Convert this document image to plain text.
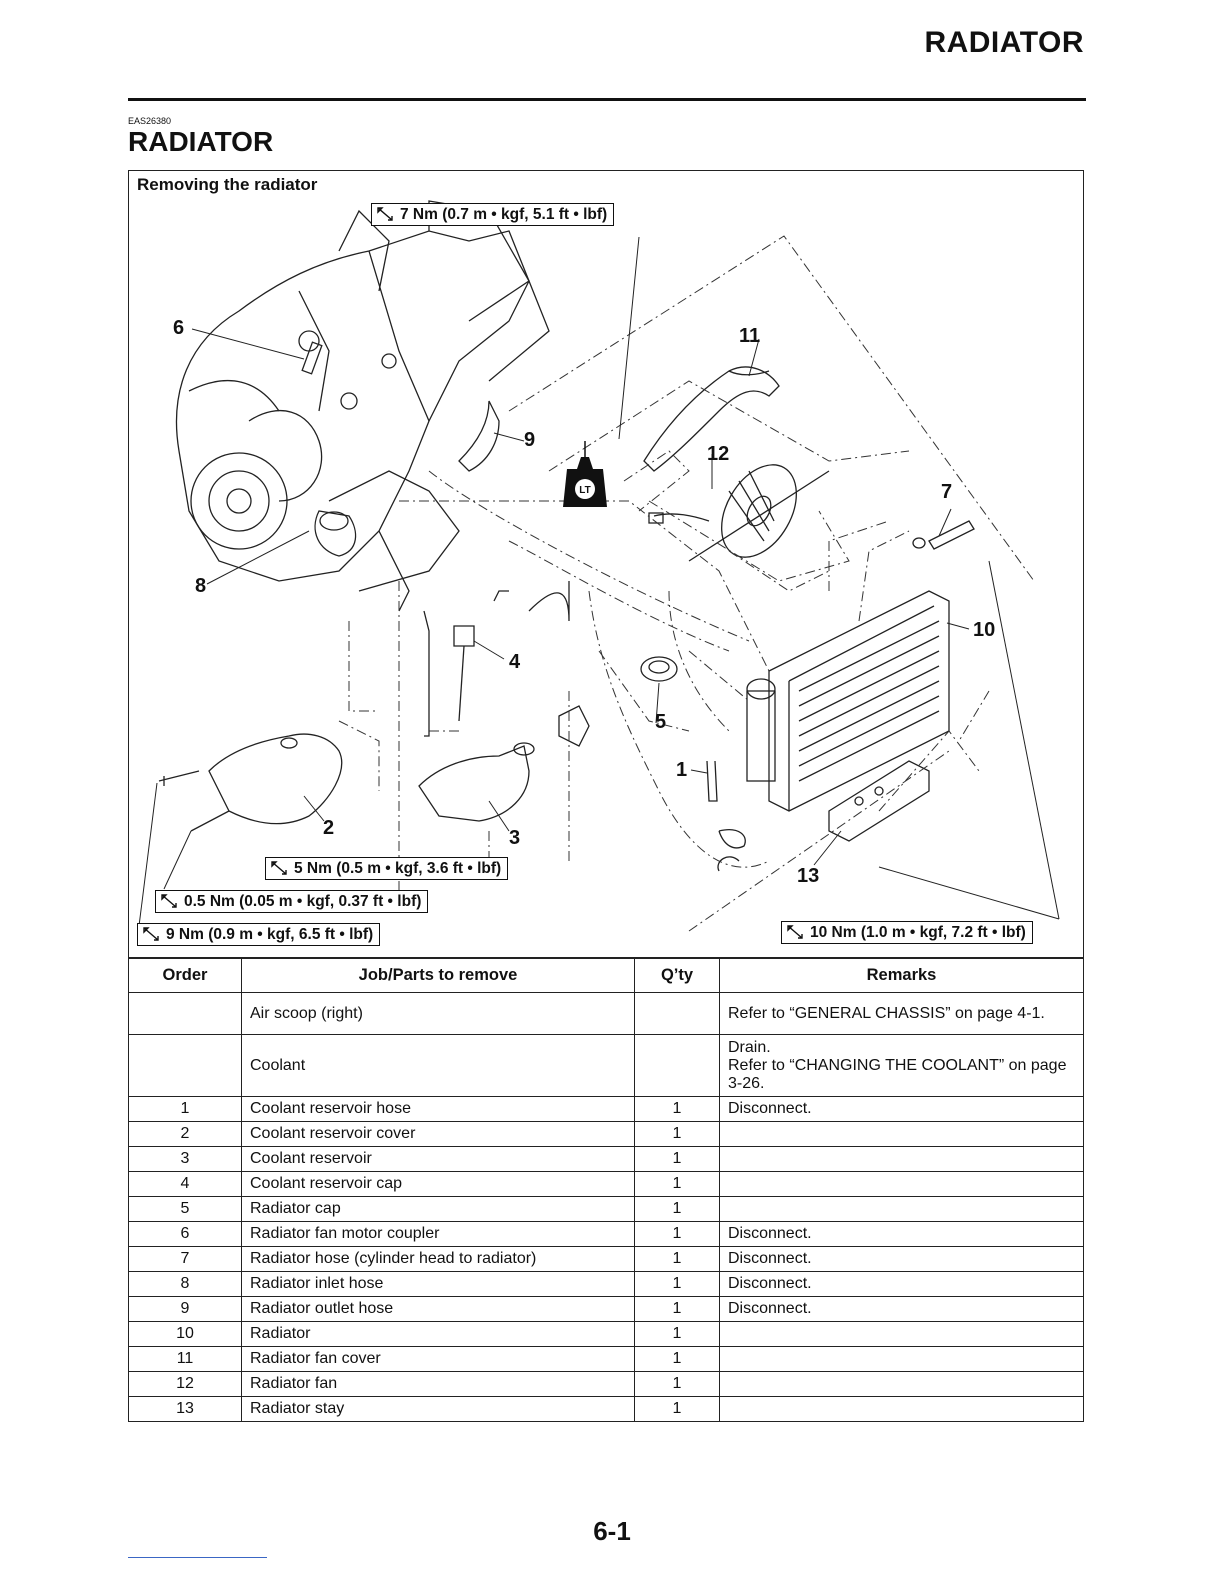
RADIATOR
EAS26380
RADIATOR
Removing the radiator
LT
6
8
9
11
12
7
10
4
5
1
2	3
13
7 Nm (0.7 m • kgf, 5.1 ft • lbf)
5 Nm (0.5 m • kgf, 3.6 ft • lbf)
0.5 Nm (0.05 m • kgf, 0.37 ft • lbf)
9 Nm (0.9 m • kgf, 6.5 ft • lbf)	10 Nm (1.0 m • kgf, 7.2 ft • lbf)
Order	Job/Parts to remove	Q’ty	Remarks
	Air scoop (right)		Refer to “GENERAL CHASSIS” on page 4-1.
	Coolant		Drain.
Refer to “CHANGING THE COOLANT” on page 3-26.

1	Coolant reservoir hose	1	Disconnect.
2	Coolant reservoir cover	1	
3	Coolant reservoir	1	
4	Coolant reservoir cap	1	
5	Radiator cap	1	
6	Radiator fan motor coupler	1	Disconnect.
7	Radiator hose (cylinder head to radiator)	1	Disconnect.
8	Radiator inlet hose	1	Disconnect.
9	Radiator outlet hose	1	Disconnect.
10	Radiator	1	
11	Radiator fan cover	1	
12	Radiator fan	1	
13	Radiator stay	1	
6-1
